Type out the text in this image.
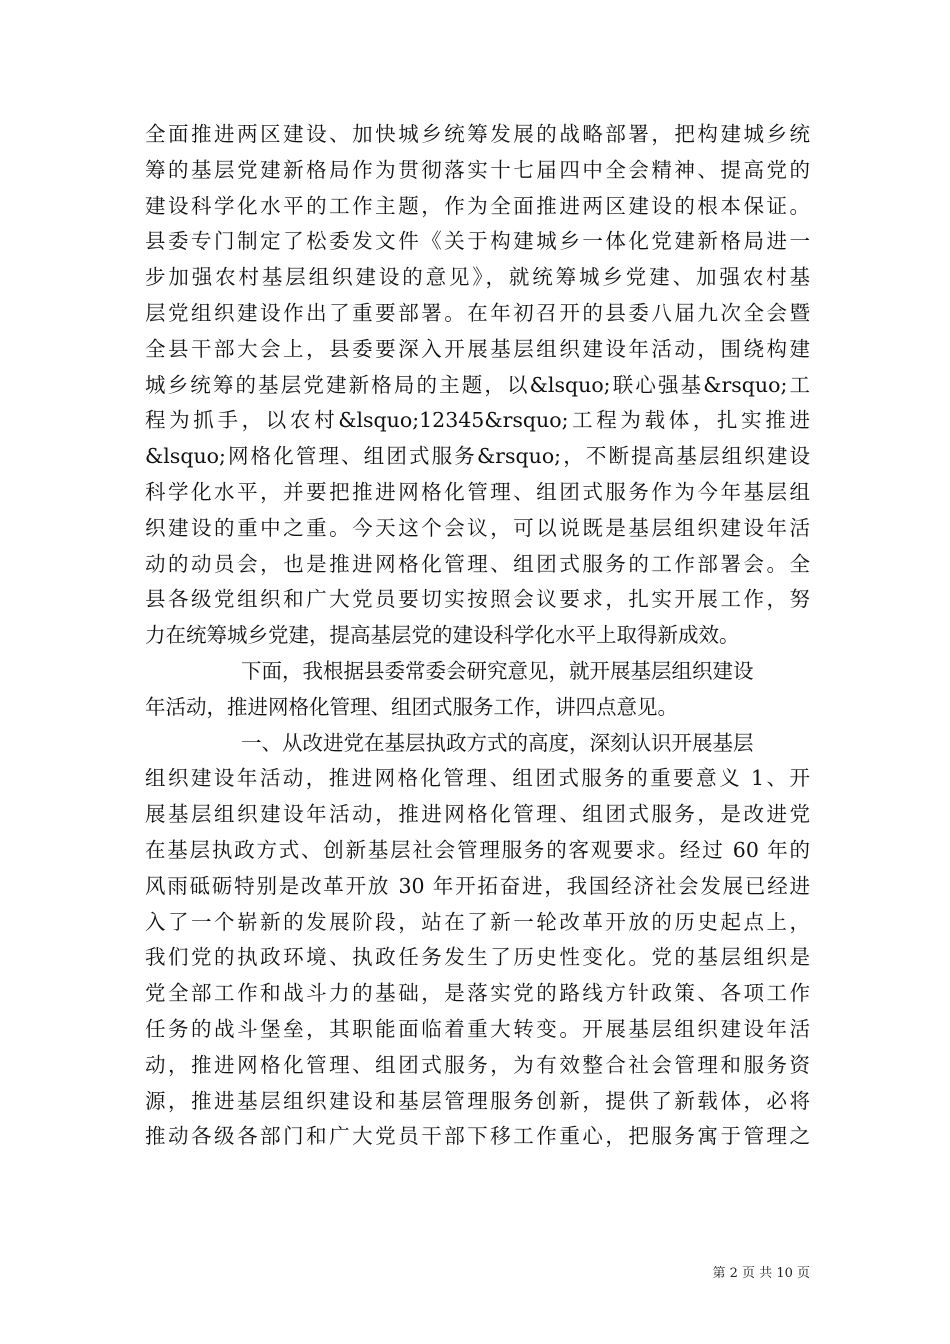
全面推进两区建设、加快城乡统筹发展的战略部署，把构建城乡统
筹的基层党建新格局作为贯彻落实十七届四中全会精神、提高党的
建设科学化水平的工作主题，作为全面推进两区建设的根本保证。
县委专门制定了松委发文件《关于构建城乡一体化党建新格局进一
步加强农村基层组织建设的意见》，就统筹城乡党建、加强农村基
层党组织建设作出了重要部署。在年初召开的县委八届九次全会暨
全县干部大会上，县委要深入开展基层组织建设年活动，围绕构建
城乡统筹的基层党建新格局的主题，以&lsquo;联心强基&rsquo;工
程为抓手，以农村&lsquo;12345&rsquo;工程为载体，扎实推进
&lsquo;网格化管理、组团式服务&rsquo;，不断提高基层组织建设
科学化水平，并要把推进网格化管理、组团式服务作为今年基层组
织建设的重中之重。今天这个会议，可以说既是基层组织建设年活
动的动员会，也是推进网格化管理、组团式服务的工作部署会。全
县各级党组织和广大党员要切实按照会议要求，扎实开展工作，努
力在统筹城乡党建，提高基层党的建设科学化水平上取得新成效。
下面，我根据县委常委会研究意见，就开展基层组织建设
年活动，推进网格化管理、组团式服务工作，讲四点意见。
一、从改进党在基层执政方式的高度，深刻认识开展基层
组织建设年活动，推进网格化管理、组团式服务的重要意义 1、开
展基层组织建设年活动，推进网格化管理、组团式服务，是改进党
在基层执政方式、创新基层社会管理服务的客观要求。经过 60 年的
风雨砥砺特别是改革开放 30 年开拓奋进，我国经济社会发展已经进
入了一个崭新的发展阶段，站在了新一轮改革开放的历史起点上，
我们党的执政环境、执政任务发生了历史性变化。党的基层组织是
党全部工作和战斗力的基础，是落实党的路线方针政策、各项工作
任务的战斗堡垒，其职能面临着重大转变。开展基层组织建设年活
动，推进网格化管理、组团式服务，为有效整合社会管理和服务资
源，推进基层组织建设和基层管理服务创新，提供了新载体，必将
推动各级各部门和广大党员干部下移工作重心，把服务寓于管理之
第 2 页 共 10 页
